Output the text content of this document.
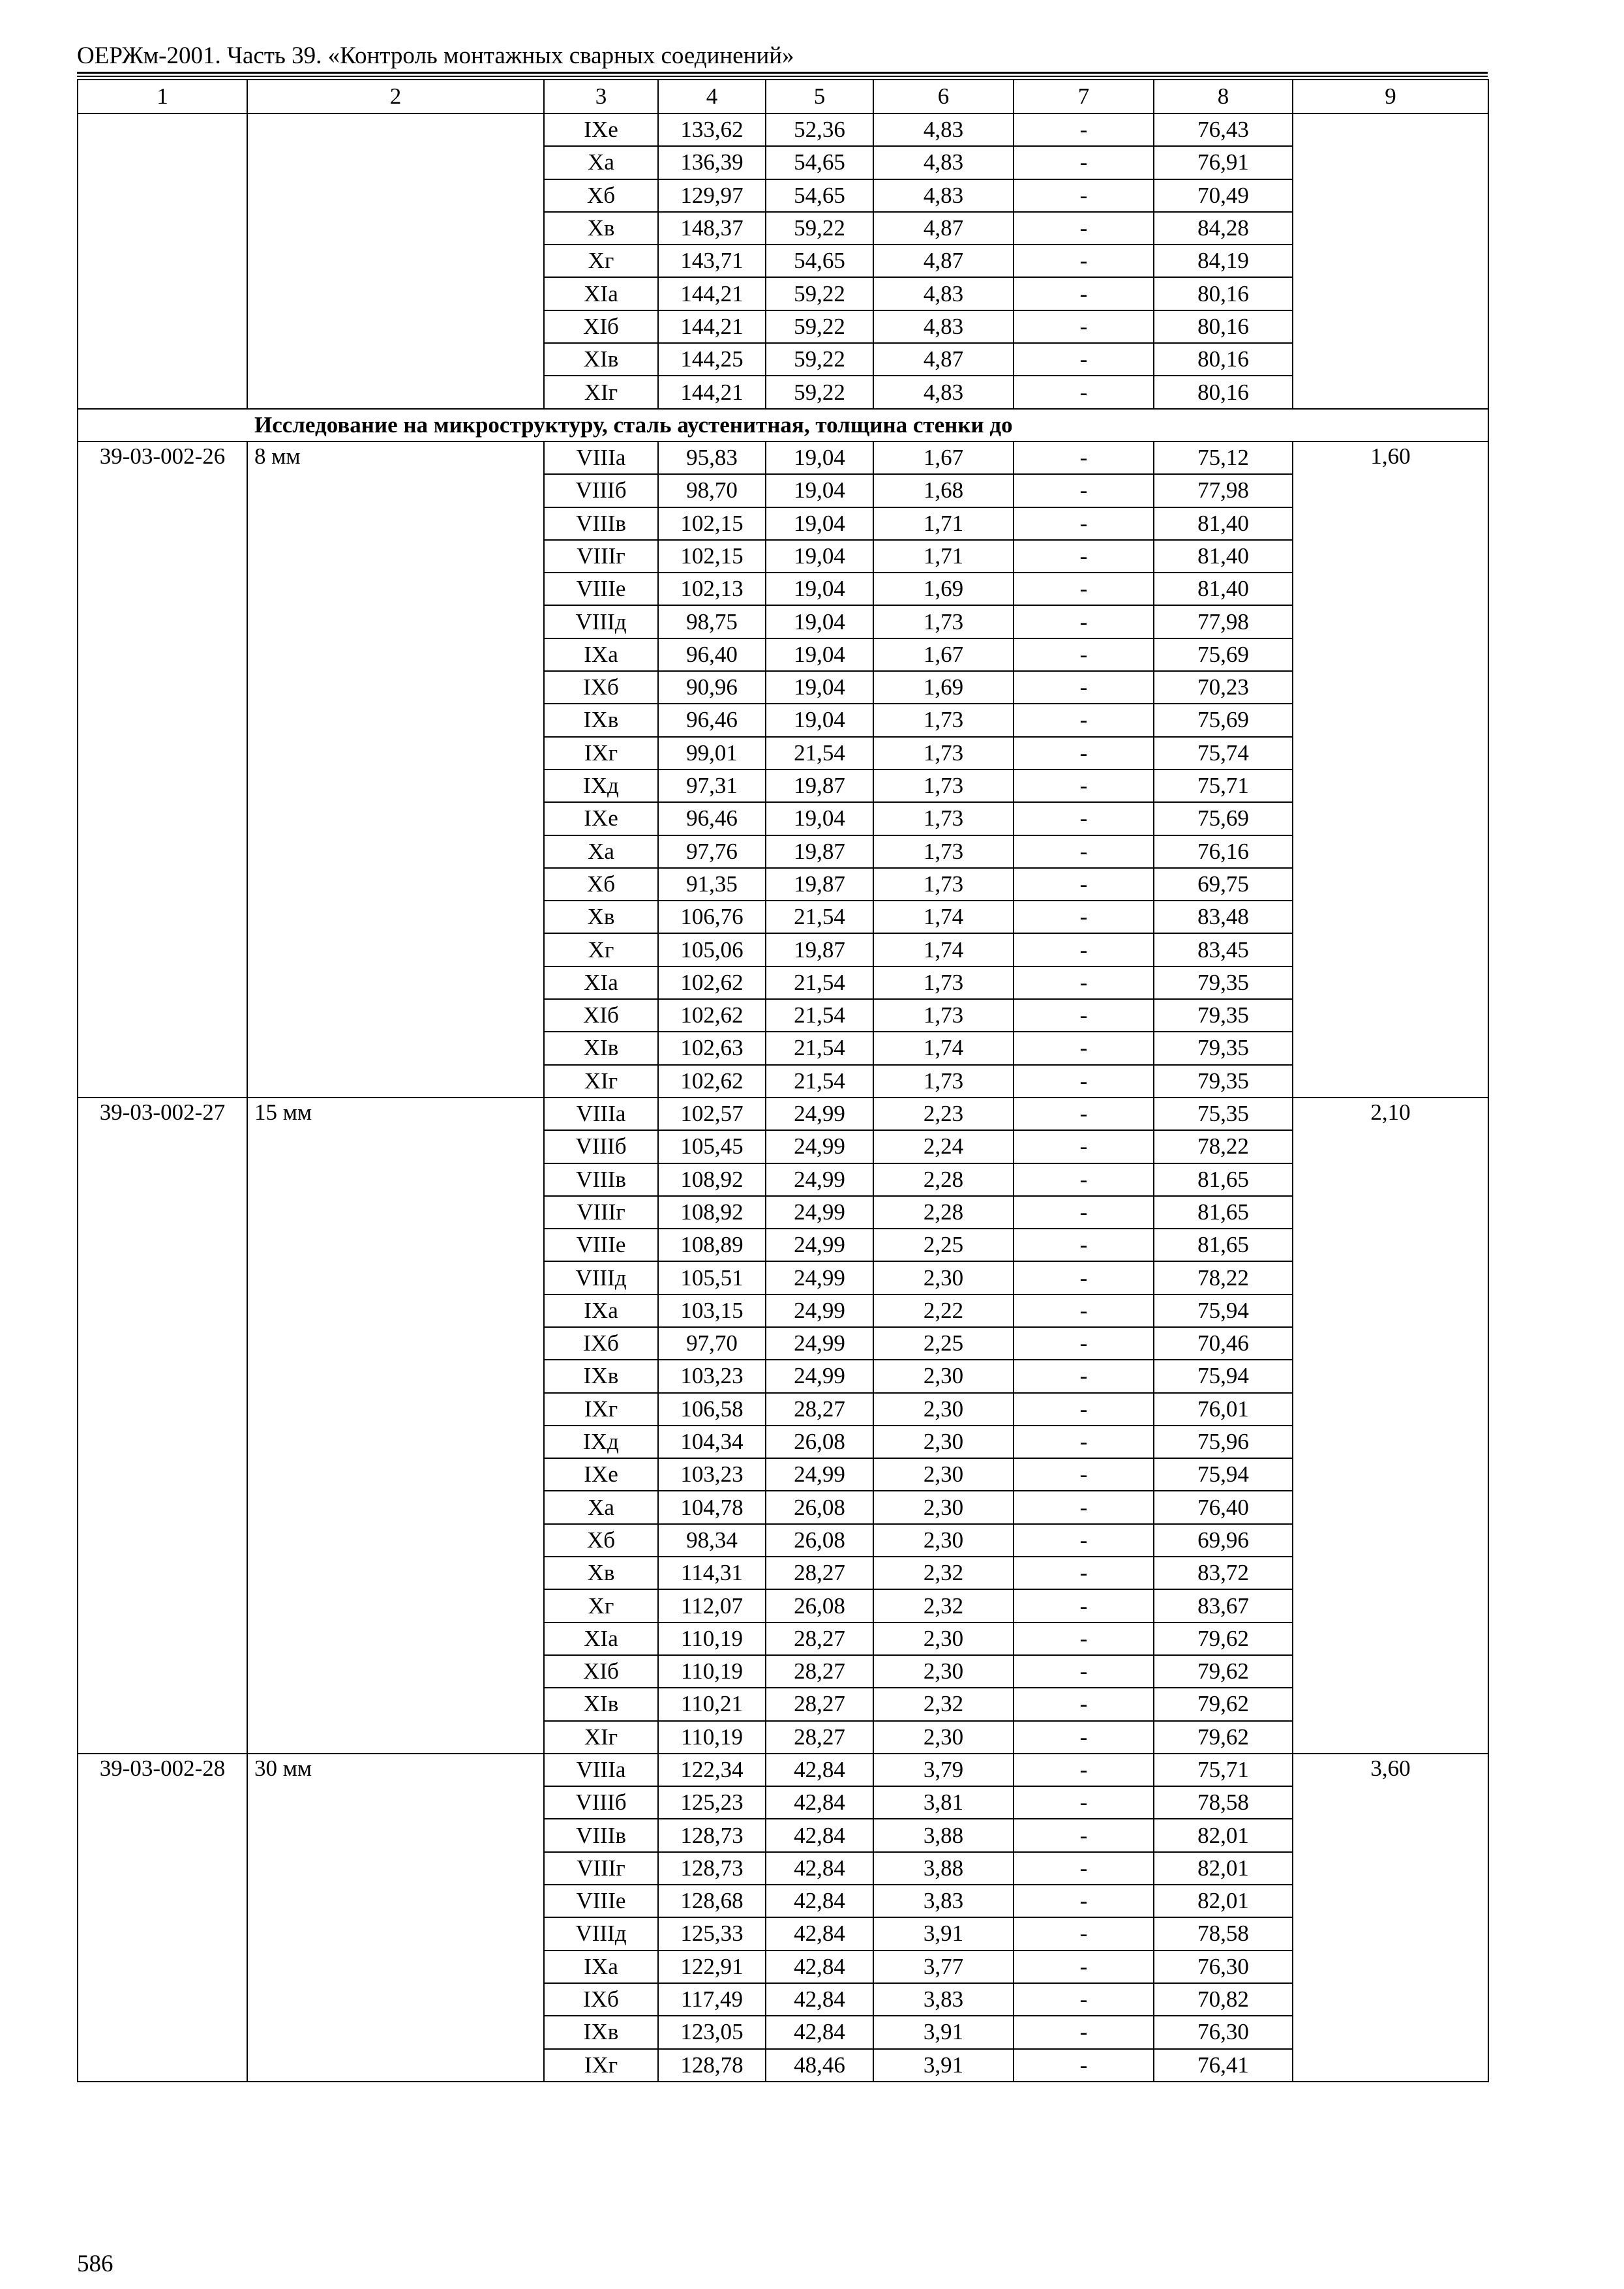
ОЕРЖм-2001. Часть 39. «Контроль монтажных сварных соединений»
1	2	3	4	5	6	7	8	9
		IXе	133,62	52,36	4,83	-	76,43	
		Xа	136,39	54,65	4,83	-	76,91	
		Xб	129,97	54,65	4,83	-	70,49	
		Xв	148,37	59,22	4,87	-	84,28	
		Xг	143,71	54,65	4,87	-	84,19	
		XIа	144,21	59,22	4,83	-	80,16	
		XIб	144,21	59,22	4,83	-	80,16	
		XIв	144,25	59,22	4,87	-	80,16	
		XIг	144,21	59,22	4,83	-	80,16	
Исследование на микроструктуру, сталь аустенитная, толщина стенки до								
39-03-002-26	8 мм	VIIIа	95,83	19,04	1,67	-	75,12	1,60
		VIIIб	98,70	19,04	1,68	-	77,98	
		VIIIв	102,15	19,04	1,71	-	81,40	
		VIIIг	102,15	19,04	1,71	-	81,40	
		VIIIе	102,13	19,04	1,69	-	81,40	
		VIIIд	98,75	19,04	1,73	-	77,98	
		IXа	96,40	19,04	1,67	-	75,69	
		IXб	90,96	19,04	1,69	-	70,23	
		IXв	96,46	19,04	1,73	-	75,69	
		IXг	99,01	21,54	1,73	-	75,74	
		IXд	97,31	19,87	1,73	-	75,71	
		IXе	96,46	19,04	1,73	-	75,69	
		Xа	97,76	19,87	1,73	-	76,16	
		Xб	91,35	19,87	1,73	-	69,75	
		Xв	106,76	21,54	1,74	-	83,48	
		Xг	105,06	19,87	1,74	-	83,45	
		XIа	102,62	21,54	1,73	-	79,35	
		XIб	102,62	21,54	1,73	-	79,35	
		XIв	102,63	21,54	1,74	-	79,35	
		XIг	102,62	21,54	1,73	-	79,35	
39-03-002-27	15 мм	VIIIа	102,57	24,99	2,23	-	75,35	2,10
		VIIIб	105,45	24,99	2,24	-	78,22	
		VIIIв	108,92	24,99	2,28	-	81,65	
		VIIIг	108,92	24,99	2,28	-	81,65	
		VIIIе	108,89	24,99	2,25	-	81,65	
		VIIIд	105,51	24,99	2,30	-	78,22	
		IXа	103,15	24,99	2,22	-	75,94	
		IXб	97,70	24,99	2,25	-	70,46	
		IXв	103,23	24,99	2,30	-	75,94	
		IXг	106,58	28,27	2,30	-	76,01	
		IXд	104,34	26,08	2,30	-	75,96	
		IXе	103,23	24,99	2,30	-	75,94	
		Xа	104,78	26,08	2,30	-	76,40	
		Xб	98,34	26,08	2,30	-	69,96	
		Xв	114,31	28,27	2,32	-	83,72	
		Xг	112,07	26,08	2,32	-	83,67	
		XIа	110,19	28,27	2,30	-	79,62	
		XIб	110,19	28,27	2,30	-	79,62	
		XIв	110,21	28,27	2,32	-	79,62	
		XIг	110,19	28,27	2,30	-	79,62	
39-03-002-28	30 мм	VIIIа	122,34	42,84	3,79	-	75,71	3,60
		VIIIб	125,23	42,84	3,81	-	78,58	
		VIIIв	128,73	42,84	3,88	-	82,01	
		VIIIг	128,73	42,84	3,88	-	82,01	
		VIIIе	128,68	42,84	3,83	-	82,01	
		VIIIд	125,33	42,84	3,91	-	78,58	
		IXа	122,91	42,84	3,77	-	76,30	
		IXб	117,49	42,84	3,83	-	70,82	
		IXв	123,05	42,84	3,91	-	76,30	
		IXг	128,78	48,46	3,91	-	76,41	
586
